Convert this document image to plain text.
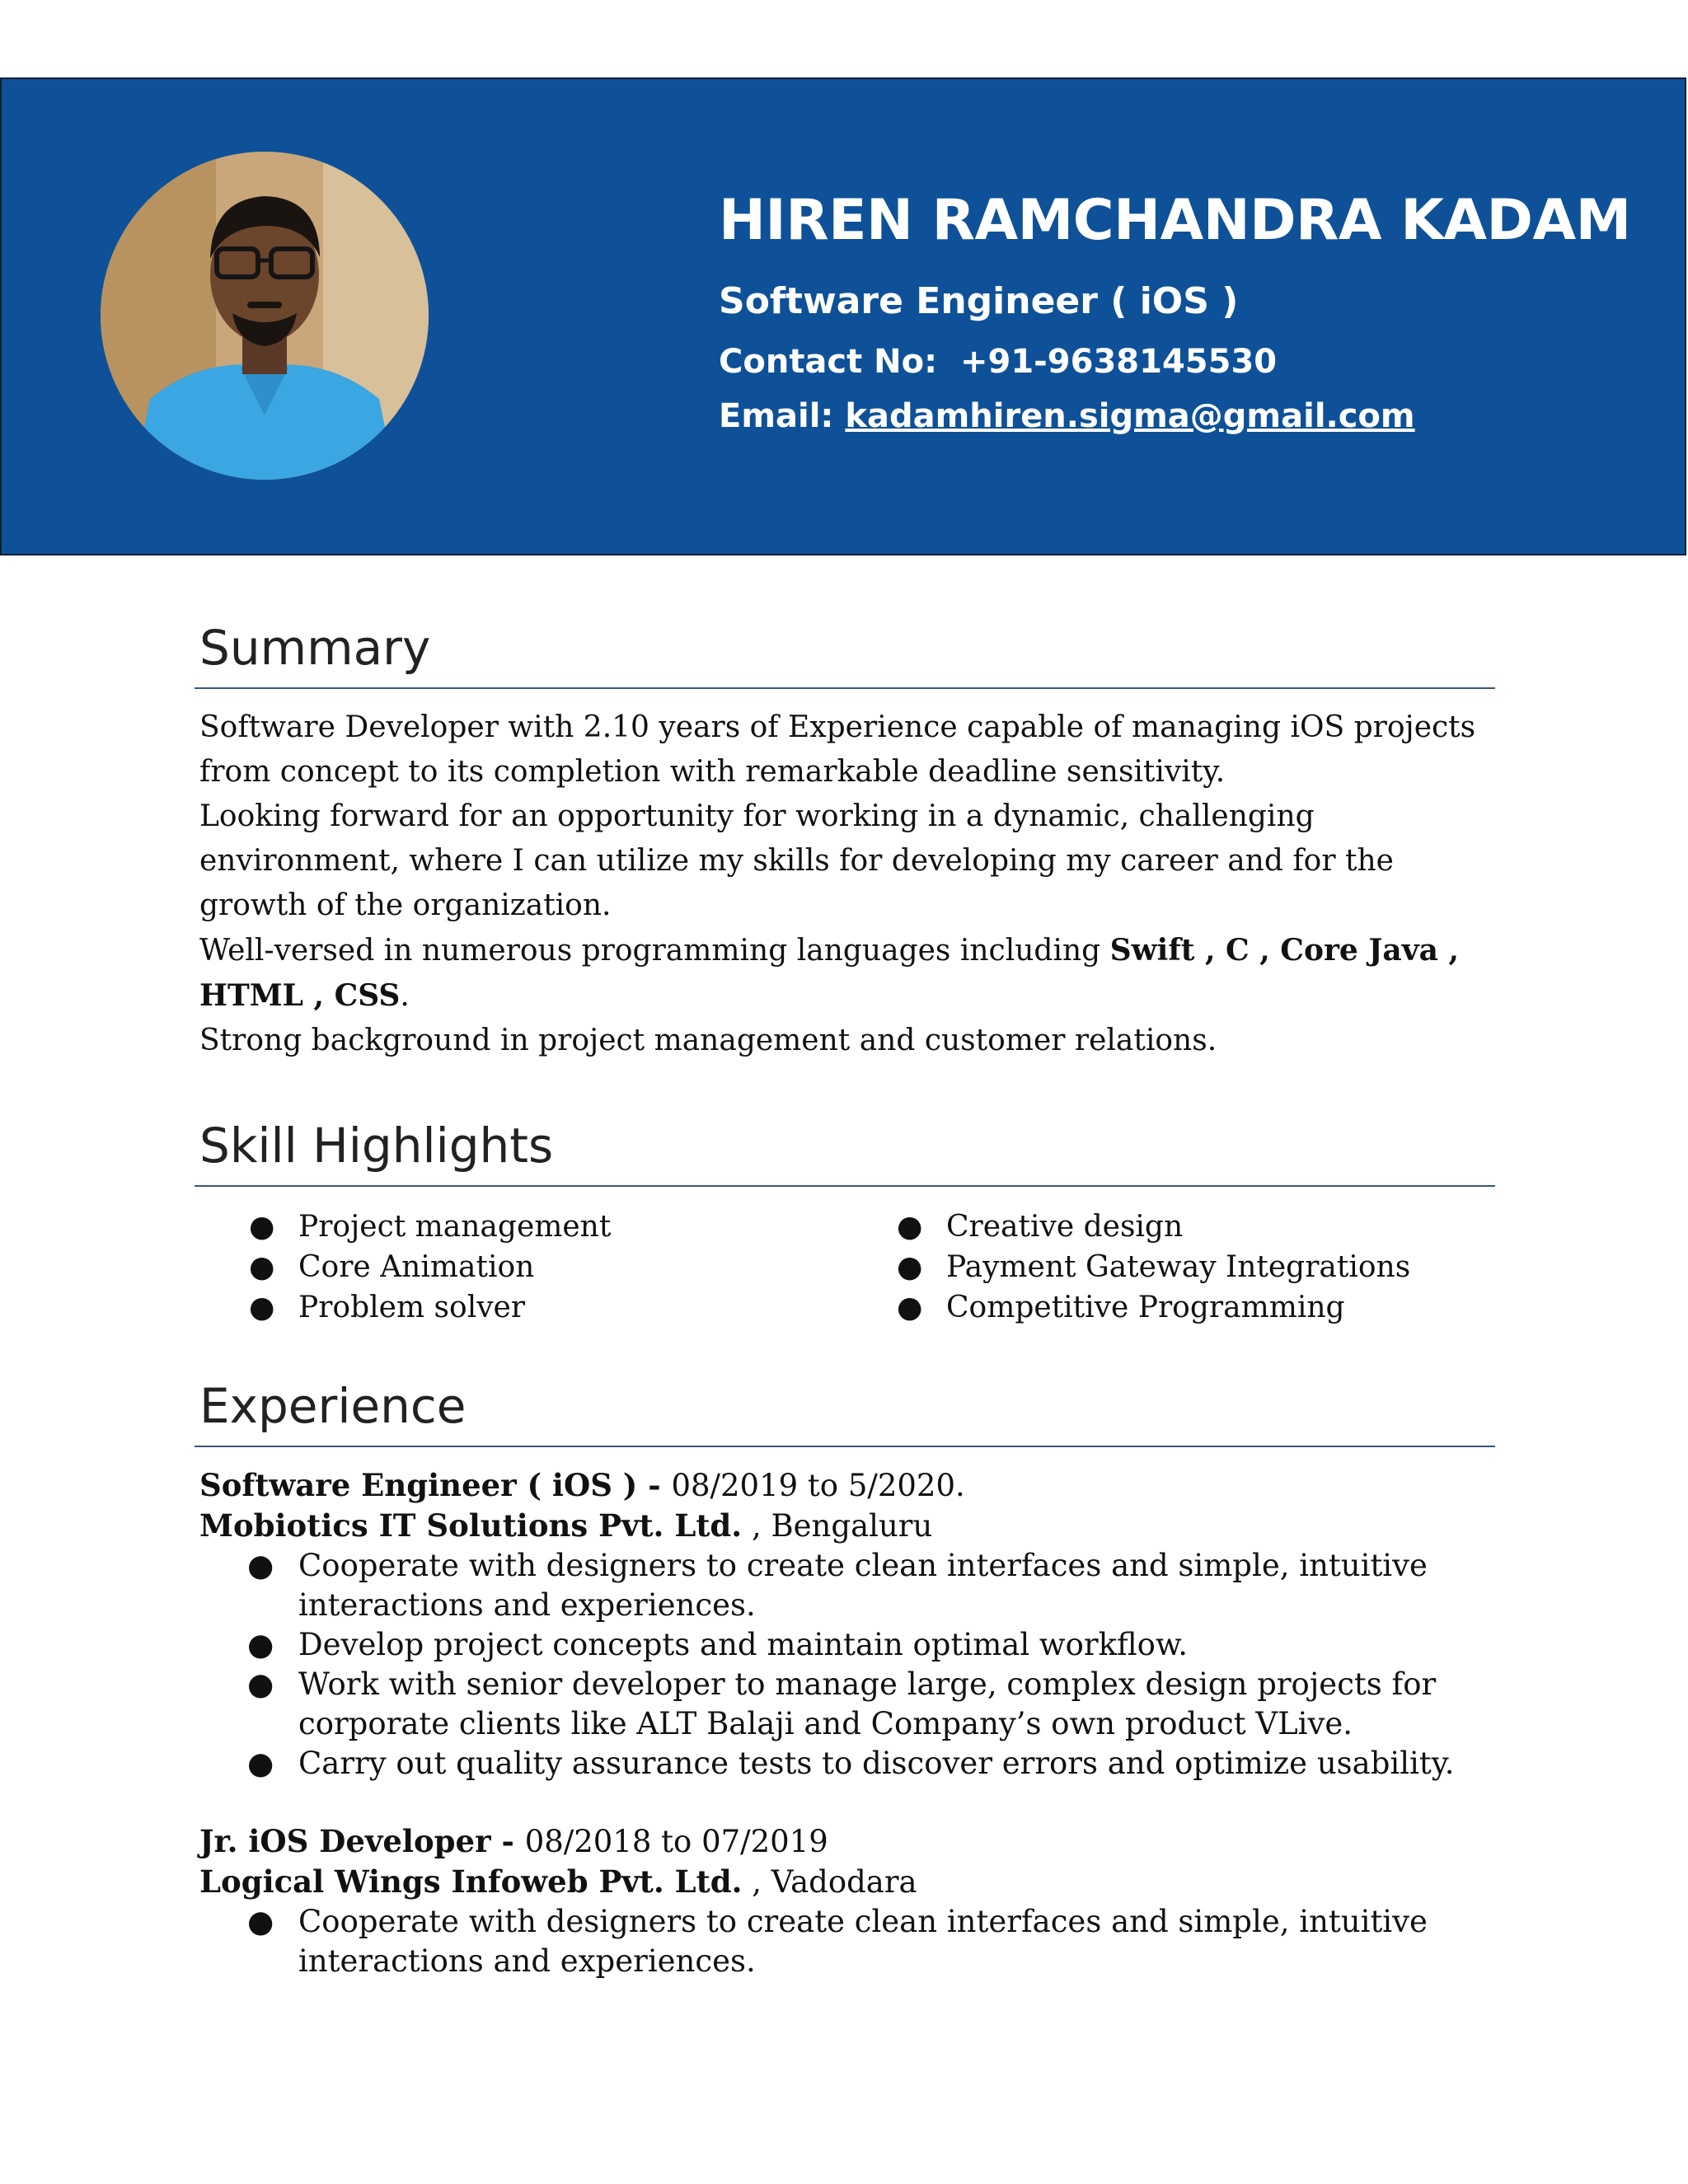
HIREN RAMCHANDRA KADAM
Software Engineer ( iOS )
Contact No: +91-9638145530
Email: kadamhiren.sigma@gmail.com
Summary

Software Developer with 2.10 years of Experience capable of managing iOS projects from concept to its completion with remarkable deadline sensitivity.

Looking forward for an opportunity for working in a dynamic, challenging environment, where I can utilize my skills for developing my career and for the growth of the organization.

Well-versed in numerous programming languages including Swift , C , Core Java , HTML , CSS.

Strong background in project management and customer relations.

Skill Highlights
● Project management
● Core Animation
● Problem solver
● Creative design
● Payment Gateway Integrations
● Competitive Programming
Experience
Software Engineer ( iOS ) - 08/2019 to 5/2020.
Mobiotics IT Solutions Pvt. Ltd. , Bengaluru
● Cooperate with designers to create clean interfaces and simple, intuitive interactions and experiences.
● Develop project concepts and maintain optimal workflow.
● Work with senior developer to manage large, complex design projects for corporate clients like ALT Balaji and Company’s own product VLive.
● Carry out quality assurance tests to discover errors and optimize usability.
Jr. iOS Developer - 08/2018 to 07/2019
Logical Wings Infoweb Pvt. Ltd. , Vadodara
● Cooperate with designers to create clean interfaces and simple, intuitive interactions and experiences.
